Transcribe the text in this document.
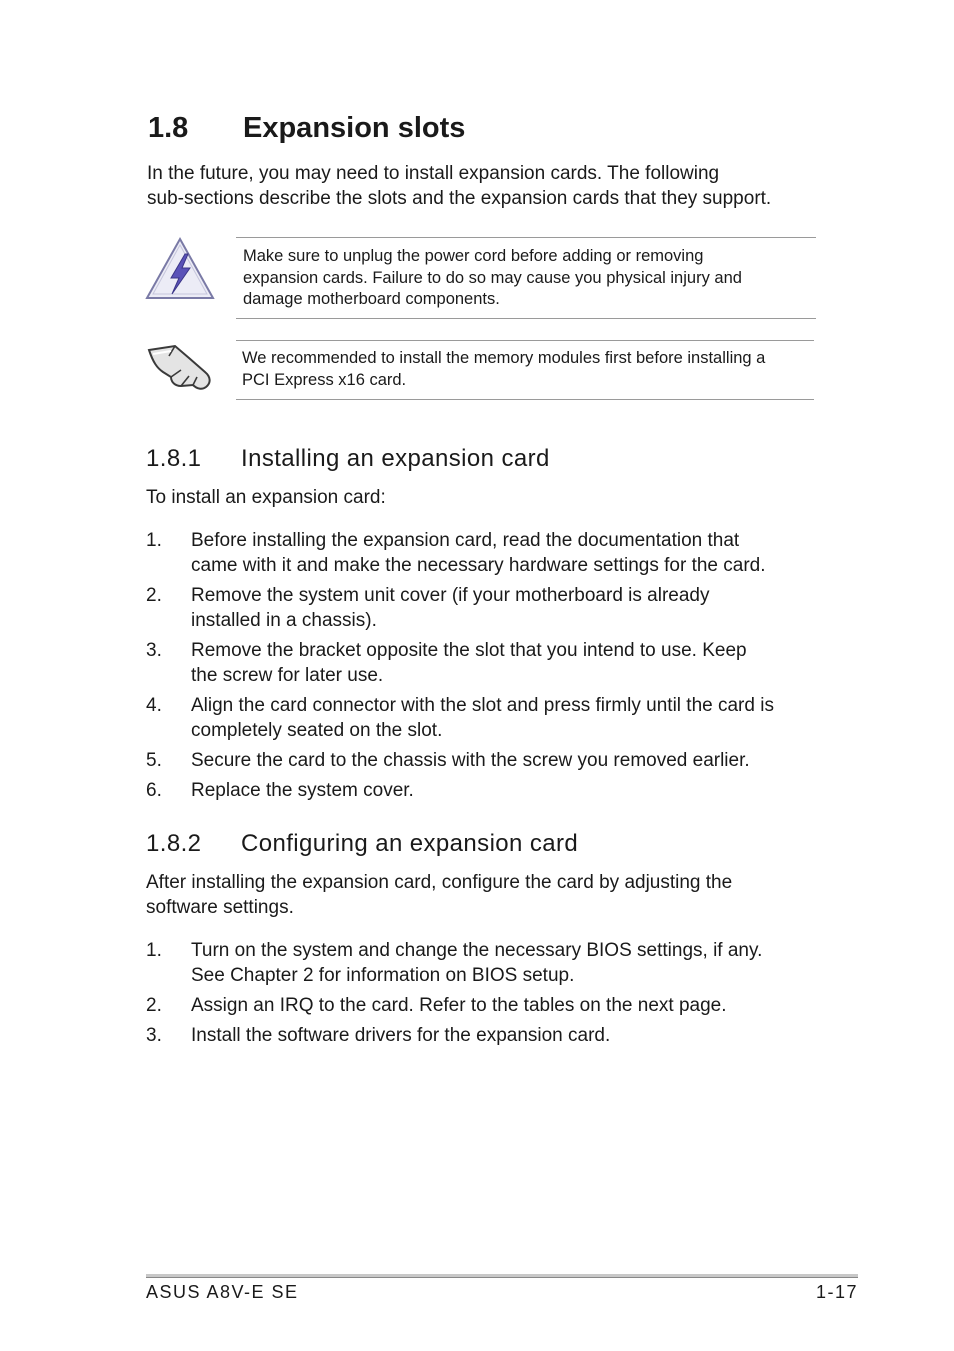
1.8 Expansion slots
In the future, you may need to install expansion cards. The following
sub-sections describe the slots and the expansion cards that they support.
Make sure to unplug the power cord before adding or removing
expansion cards. Failure to do so may cause you physical injury and
damage motherboard components.
We recommended to install the memory modules first before installing a
PCI Express x16 card.
1.8.1 Installing an expansion card
To install an expansion card:
1. Before installing the expansion card, read the documentation that
came with it and make the necessary hardware settings for the card.
2. Remove the system unit cover (if your motherboard is already
installed in a chassis).
3. Remove the bracket opposite the slot that you intend to use. Keep
the screw for later use.
4. Align the card connector with the slot and press firmly until the card is
completely seated on the slot.
5. Secure the card to the chassis with the screw you removed earlier.
6. Replace the system cover.
1.8.2 Configuring an expansion card
After installing the expansion card, configure the card by adjusting the
software settings.
1. Turn on the system and change the necessary BIOS settings, if any.
See Chapter 2 for information on BIOS setup.
2. Assign an IRQ to the card. Refer to the tables on the next page.
3. Install the software drivers for the expansion card.
ASUS A8V-E SE	1-17
